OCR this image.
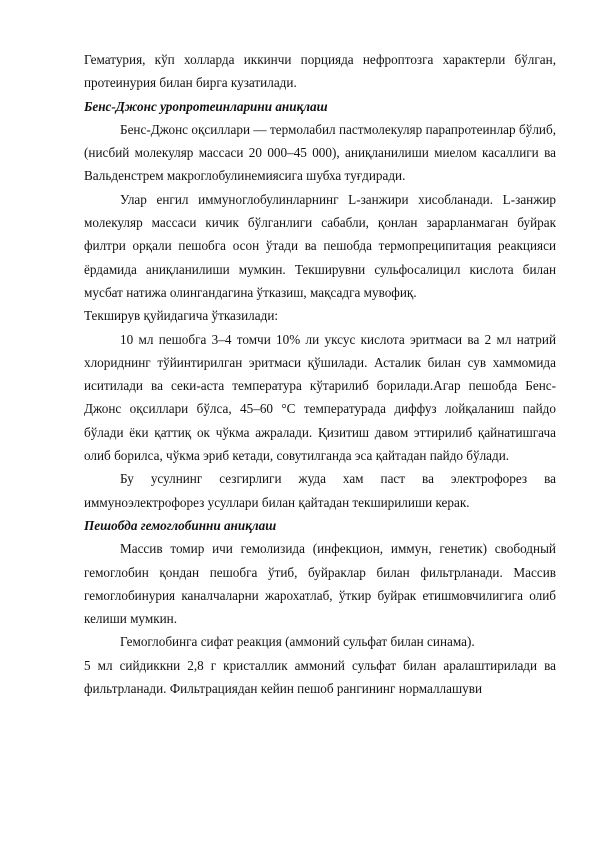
Гематурия, кўп холларда иккинчи порцияда нефроптозга характерли бўлган, протеинурия билан бирга кузатилади.

Бенс-Джонс уропротеинларини аниқлаш

Бенс-Джонс оқсиллари — термолабил пастмолекуляр парапротеинлар бўлиб, (нисбий молекуляр массаси 20 000–45 000), аниқланилиши миелом касаллиги ва Вальденстрем макроглобулинемиясига шубха туғдиради.

Улар енгил иммуноглобулинларнинг L-занжири хисобланади. L-занжир молекуляр массаси кичик бўлганлиги сабабли, қонлан зарарланмаган буйрак филтри орқали пешобга осон ўтади ва пешобда термопреципитация реакцияси ёрдамида аниқланилиши мумкин. Текширувни сульфосалицил кислота билан мусбат натижа олингандагина ўтказиш, мақсадга мувофиқ.

Текширув қуйидагича ўтказилади:

10 мл пешобга 3–4 томчи 10% ли уксус кислота эритмаси ва 2 мл натрий хлориднинг тўйинтирилган эритмаси қўшилади. Асталик билан сув хаммомида иситилади ва секи-аста температура кўтарилиб борилади.Агар пешобда Бенс-Джонс оқсиллари бўлса, 45–60 °С температурада диффуз лойқаланиш пайдо бўлади ёки қаттиқ ок чўкма ажралади. Қизитиш давом эттирилиб қайнатишгача олиб борилса, чўкма эриб кетади, совутилганда эса қайтадан пайдо бўлади.

Бу усулнинг сезгирлиги жуда хам паст ва электрофорез ва иммуноэлектрофорез усуллари билан қайтадан текширилиши керак.

Пешобда гемоглобинни аниқлаш

Массив томир ичи гемолизида (инфекцион, иммун, генетик) свободный гемоглобин қондан пешобга ўтиб, буйраклар билан фильтрланади. Массив гемоглобинурия каналчаларни жарохатлаб, ўткир буйрак етишмовчилигига олиб келиши мумкин.

Гемоглобинга сифат реакция (аммоний сульфат билан синама).

5 мл сийдиккни 2,8 г кристаллик аммоний сульфат билан аралаштирилади ва фильтрланади. Фильтрациядан кейин пешоб рангининг нормаллашуви
